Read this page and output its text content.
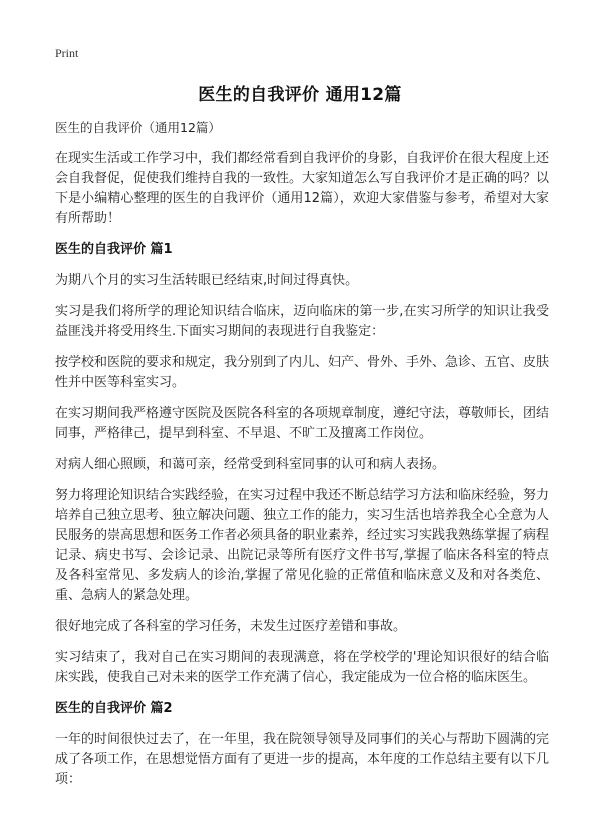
Print
医生的自我评价 通用12篇

医生的自我评价（通用12篇）

在现实生活或工作学习中，我们都经常看到自我评价的身影，自我评价在很大程度上还会自我督促，促使我们维持自我的一致性。大家知道怎么写自我评价才是正确的吗？以下是小编精心整理的医生的自我评价（通用12篇），欢迎大家借鉴与参考，希望对大家有所帮助！

医生的自我评价 篇1

为期八个月的实习生活转眼已经结束,时间过得真快。

实习是我们将所学的理论知识结合临床，迈向临床的第一步,在实习所学的知识让我受益匪浅并将受用终生.下面实习期间的表现进行自我鉴定：

按学校和医院的要求和规定，我分别到了内儿、妇产、骨外、手外、急诊、五官、皮肤性并中医等科室实习。

在实习期间我严格遵守医院及医院各科室的各项规章制度，遵纪守法，尊敬师长，团结同事，严格律己，提早到科室、不早退、不旷工及擅离工作岗位。

对病人细心照顾，和蔼可亲，经常受到科室同事的认可和病人表扬。

努力将理论知识结合实践经验，在实习过程中我还不断总结学习方法和临床经验，努力培养自己独立思考、独立解决问题、独立工作的能力，实习生活也培养我全心全意为人民服务的崇高思想和医务工作者必须具备的职业素养，经过实习实践我熟练掌握了病程记录、病史书写、会诊记录、出院记录等所有医疗文件书写,掌握了临床各科室的特点及各科室常见、多发病人的诊治,掌握了常见化验的正常值和临床意义及和对各类危、重、急病人的紧急处理。

很好地完成了各科室的学习任务，未发生过医疗差错和事故。

实习结束了，我对自己在实习期间的表现满意，将在学校学的'理论知识很好的结合临床实践，使我自己对未来的医学工作充满了信心，我定能成为一位合格的临床医生。

医生的自我评价 篇2

一年的时间很快过去了，在一年里，我在院领导领导及同事们的关心与帮助下圆满的完成了各项工作，在思想觉悟方面有了更进一步的提高，本年度的工作总结主要有以下几项：
